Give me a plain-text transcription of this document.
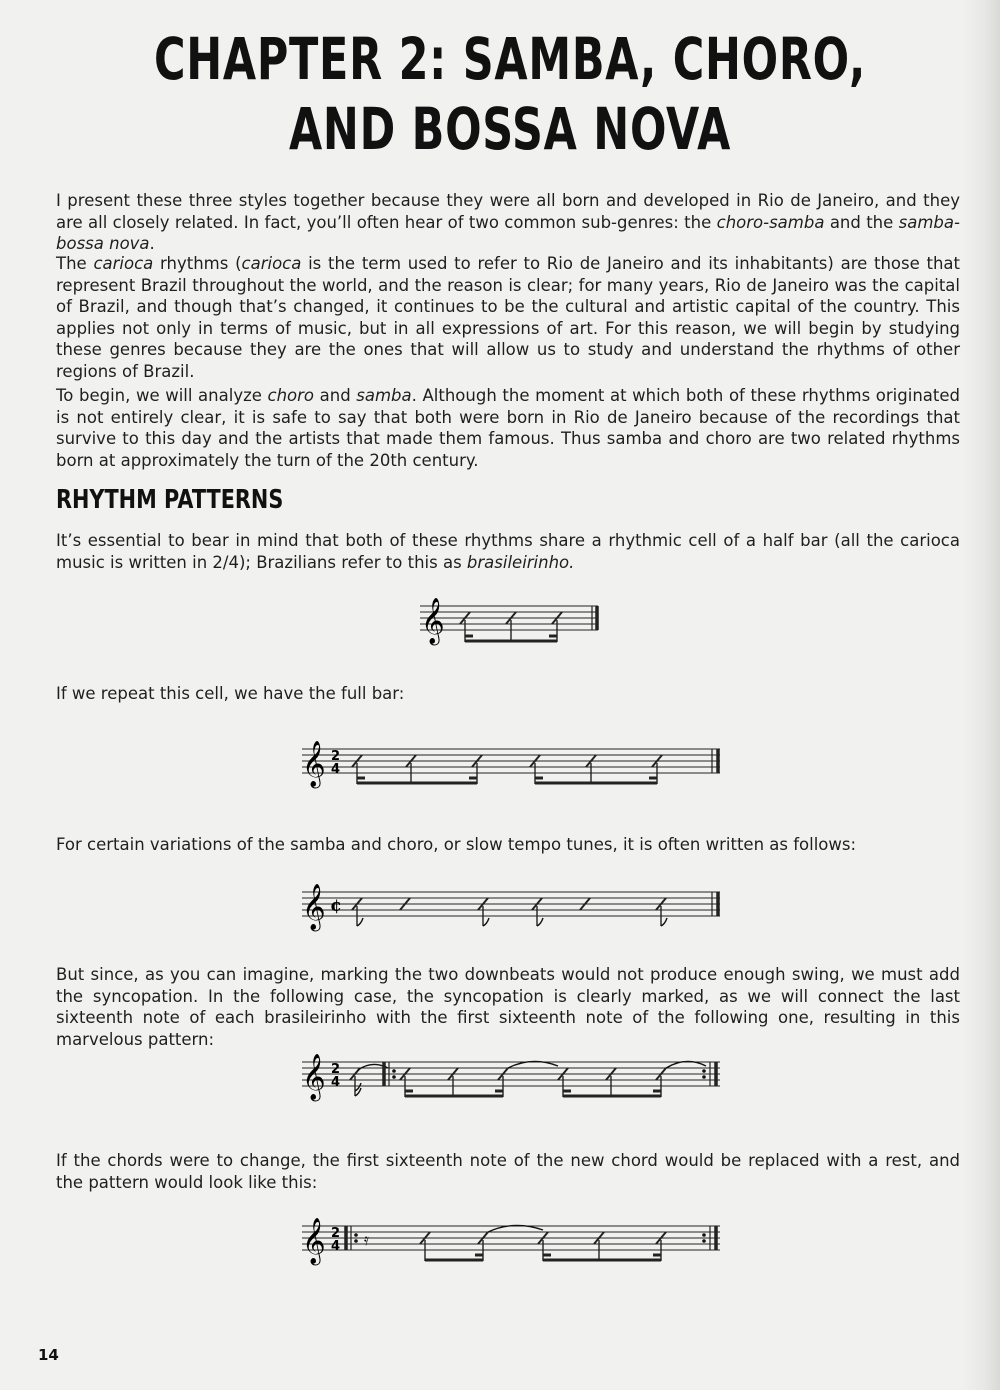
CHAPTER 2: SAMBA, CHORO,
AND BOSSA NOVA

I present these three styles together because they were all born and developed in Rio de Janeiro, and they are all closely related. In fact, you’ll often hear of two common sub-genres: the choro-samba and the samba-bossa nova.

The carioca rhythms (carioca is the term used to refer to Rio de Janeiro and its inhabitants) are those that represent Brazil throughout the world, and the reason is clear; for many years, Rio de Janeiro was the capital of Brazil, and though that’s changed, it continues to be the cultural and artistic capital of the country. This applies not only in terms of music, but in all expressions of art. For this reason, we will begin by studying these genres because they are the ones that will allow us to study and understand the rhythms of other regions of Brazil.

To begin, we will analyze choro and samba. Although the moment at which both of these rhythms originated is not entirely clear, it is safe to say that both were born in Rio de Janeiro because of the recordings that survive to this day and the artists that made them famous. Thus samba and choro are two related rhythms born at approximately the turn of the 20th century.

RHYTHM PATTERNS

It’s essential to bear in mind that both of these rhythms share a rhythmic cell of a half bar (all the carioca music is written in 2/4); Brazilians refer to this as brasileirinho.

𝄞

If we repeat this cell, we have the full bar:

𝄞 2
4

For certain variations of the samba and choro, or slow tempo tunes, it is often written as follows:

𝄞 ¢

But since, as you can imagine, marking the two downbeats would not produce enough swing, we must add the syncopation. In the following case, the syncopation is clearly marked, as we will connect the last sixteenth note of each brasileirinho with the first sixteenth note of the following one, resulting in this marvelous pattern:

𝄞 2
4

If the chords were to change, the first sixteenth note of the new chord would be replaced with a rest, and the pattern would look like this:

𝄞 2
4 𝄿
14
